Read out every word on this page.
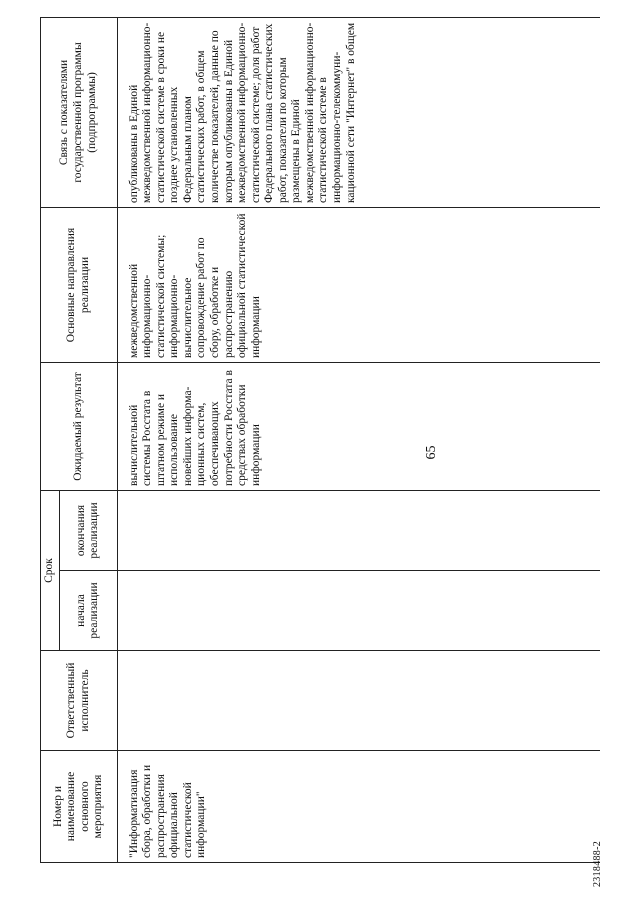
Номер и наименование основного мероприятия	Ответственный исполнитель	Срок		Ожидаемый результат	Основные направления реализации	Связь с показателями государственной программы (подпрограммы)
		начала реализации	окончания реализации			
"Информатизация сбора, обработки и распространения официальной статистической информации"				вычислительной системы Росстата в штатном режиме и использование новейших информа-ционных систем, обеспечивающих потребности Росстата в средствах обработки информации	межведомственной информационно-статистической системы; информационно-вычислительное сопровождение работ по сбору, обработке и распространению официальной статистической информации	опубликованы в Единой межведомственной информационно-статистической системе в сроки не позднее установленных Федеральным планом статистических работ, в общем количестве показателей, данные по которым опубликованы в Единой межведомственной информационно-статистической системе; доля работ Федерального плана статистических работ, показатели по которым размещены в Единой межведомственной информационно-статистической системе в информационно-телекоммуни-кационной сети "Интернет" в общем
65
2318488-2
